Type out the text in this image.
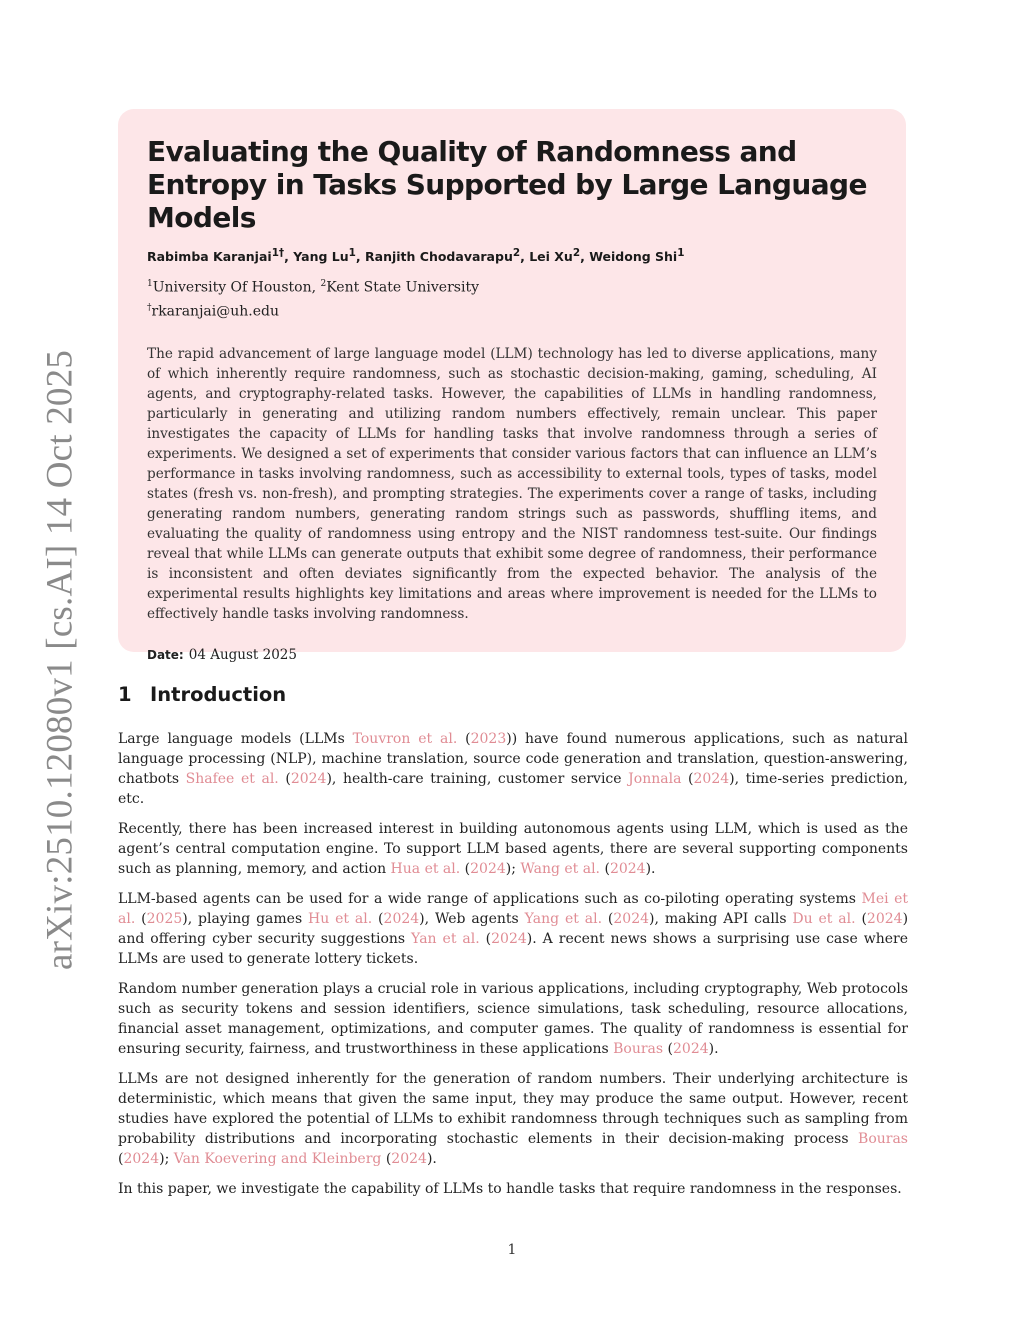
arXiv:2510.12080v1 [cs.AI] 14 Oct 2025
Evaluating the Quality of Randomness and Entropy in Tasks Supported by Large Language Models
Rabimba Karanjai$^{1\dagger}$, Yang Lu$^1$, Ranjith Chodavarapu$^2$, Lei Xu$^2$, Weidong Shi$^1$
$^1$University Of Houston, $^2$Kent State University
†rkaranjai@uh.edu

The rapid advancement of large language model (LLM) technology has led to diverse applications, many of which inherently require randomness, such as stochastic decision-making, gaming, scheduling, AI agents, and cryptography-related tasks. However, the capabilities of LLMs in handling randomness, particularly in generating and utilizing random numbers effectively, remain unclear. This paper investigates the capacity of LLMs for handling tasks that involve randomness through a series of experiments. We designed a set of experiments that consider various factors that can influence an LLM’s performance in tasks involving randomness, such as accessibility to external tools, types of tasks, model states (fresh vs. non-fresh), and prompting strategies. The experiments cover a range of tasks, including generating random numbers, generating random strings such as passwords, shuffling items, and evaluating the quality of randomness using entropy and the NIST randomness test-suite. Our findings reveal that while LLMs can generate outputs that exhibit some degree of randomness, their performance is inconsistent and often deviates significantly from the expected behavior. The analysis of the experimental results highlights key limitations and areas where improvement is needed for the LLMs to effectively handle tasks involving randomness.

Date: 04 August 2025
1 Introduction

Large language models (LLMs Touvron et al. (2023)) have found numerous applications, such as natural language processing (NLP), machine translation, source code generation and translation, question-answering, chatbots Shafee et al. (2024), health-care training, customer service Jonnala (2024), time-series prediction, etc.

Recently, there has been increased interest in building autonomous agents using LLM, which is used as the agent’s central computation engine. To support LLM based agents, there are several supporting components such as planning, memory, and action Hua et al. (2024); Wang et al. (2024).

LLM-based agents can be used for a wide range of applications such as co-piloting operating systems Mei et al. (2025), playing games Hu et al. (2024), Web agents Yang et al. (2024), making API calls Du et al. (2024) and offering cyber security suggestions Yan et al. (2024). A recent news shows a surprising use case where LLMs are used to generate lottery tickets.

Random number generation plays a crucial role in various applications, including cryptography, Web protocols such as security tokens and session identifiers, science simulations, task scheduling, resource allocations, financial asset management, optimizations, and computer games. The quality of randomness is essential for ensuring security, fairness, and trustworthiness in these applications Bouras (2024).

LLMs are not designed inherently for the generation of random numbers. Their underlying architecture is deterministic, which means that given the same input, they may produce the same output. However, recent studies have explored the potential of LLMs to exhibit randomness through techniques such as sampling from probability distributions and incorporating stochastic elements in their decision-making process Bouras (2024); Van Koevering and Kleinberg (2024).

In this paper, we investigate the capability of LLMs to handle tasks that require randomness in the responses.

1
